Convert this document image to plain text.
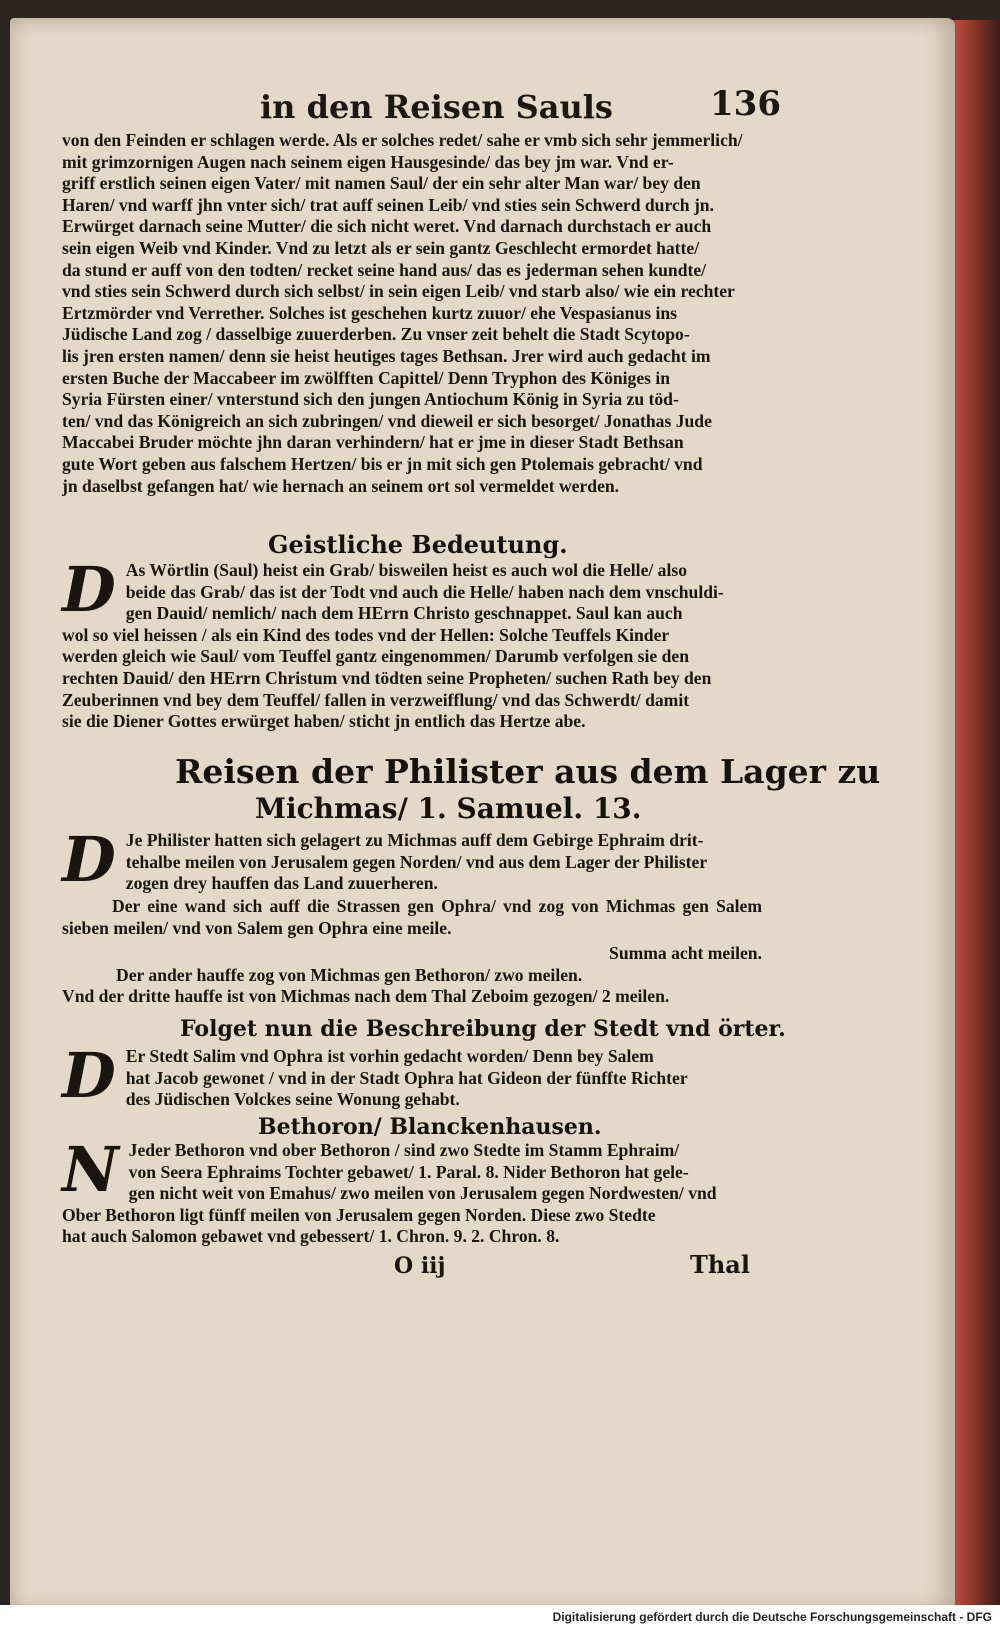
in den Reisen Sauls	136
von den Feinden er schlagen werde. Als er solches redet/ sahe er vmb sich sehr jemmerlich/
mit grimzornigen Augen nach seinem eigen Hausgesinde/ das bey jm war. Vnd er-
griff erstlich seinen eigen Vater/ mit namen Saul/ der ein sehr alter Man war/ bey den
Haren/ vnd warff jhn vnter sich/ trat auff seinen Leib/ vnd sties sein Schwerd durch jn.
Erwürget darnach seine Mutter/ die sich nicht weret. Vnd darnach durchstach er auch
sein eigen Weib vnd Kinder. Vnd zu letzt als er sein gantz Geschlecht ermordet hatte/
da stund er auff von den todten/ recket seine hand aus/ das es jederman sehen kundte/
vnd sties sein Schwerd durch sich selbst/ in sein eigen Leib/ vnd starb also/ wie ein rechter
Ertzmörder vnd Verrether. Solches ist geschehen kurtz zuuor/ ehe Vespasianus ins
Jüdische Land zog / dasselbige zuuerderben. Zu vnser zeit behelt die Stadt Scytopo-
lis jren ersten namen/ denn sie heist heutiges tages Bethsan. Jrer wird auch gedacht im
ersten Buche der Maccabeer im zwölfften Capittel/ Denn Tryphon des Königes in
Syria Fürsten einer/ vnterstund sich den jungen Antiochum König in Syria zu töd-
ten/ vnd das Königreich an sich zubringen/ vnd dieweil er sich besorget/ Jonathas Jude
Maccabei Bruder möchte jhn daran verhindern/ hat er jme in dieser Stadt Bethsan
gute Wort geben aus falschem Hertzen/ bis er jn mit sich gen Ptolemais gebracht/ vnd
jn daselbst gefangen hat/ wie hernach an seinem ort sol vermeldet werden.
Geistliche Bedeutung.
D As Wörtlin (Saul) heist ein Grab/ bisweilen heist es auch wol die Helle/ also
beide das Grab/ das ist der Todt vnd auch die Helle/ haben nach dem vnschuldi-
gen Dauid/ nemlich/ nach dem HErrn Christo geschnappet. Saul kan auch
wol so viel heissen / als ein Kind des todes vnd der Hellen: Solche Teuffels Kinder
werden gleich wie Saul/ vom Teuffel gantz eingenommen/ Darumb verfolgen sie den
rechten Dauid/ den HErrn Christum vnd tödten seine Propheten/ suchen Rath bey den
Zeuberinnen vnd bey dem Teuffel/ fallen in verzweifflung/ vnd das Schwerdt/ damit
sie die Diener Gottes erwürget haben/ sticht jn entlich das Hertze abe.
Reisen der Philister aus dem Lager zu
Michmas/ 1. Samuel. 13.
D Je Philister hatten sich gelagert zu Michmas auff dem Gebirge Ephraim drit-
tehalbe meilen von Jerusalem gegen Norden/ vnd aus dem Lager der Philister
zogen drey hauffen das Land zuuerheren.

Der eine wand sich auff die Strassen gen Ophra/ vnd zog von Michmas gen Salem sieben meilen/ vnd von Salem gen Ophra eine meile.

Summa acht meilen.

Der ander hauffe zog von Michmas gen Bethoron/ zwo meilen.

Vnd der dritte hauffe ist von Michmas nach dem Thal Zeboim gezogen/ 2 meilen.

Folget nun die Beschreibung der Stedt vnd örter.
D Er Stedt Salim vnd Ophra ist vorhin gedacht worden/ Denn bey Salem
hat Jacob gewonet / vnd in der Stadt Ophra hat Gideon der fünffte Richter
des Jüdischen Volckes seine Wonung gehabt.
Bethoron/ Blanckenhausen.
N Jeder Bethoron vnd ober Bethoron / sind zwo Stedte im Stamm Ephraim/
von Seera Ephraims Tochter gebawet/ 1. Paral. 8. Nider Bethoron hat gele-
gen nicht weit von Emahus/ zwo meilen von Jerusalem gegen Nordwesten/ vnd
Ober Bethoron ligt fünff meilen von Jerusalem gegen Norden. Diese zwo Stedte
hat auch Salomon gebawet vnd gebessert/ 1. Chron. 9. 2. Chron. 8.
O iij	Thal
Digitalisierung gefördert durch die Deutsche Forschungsgemeinschaft - DFG
